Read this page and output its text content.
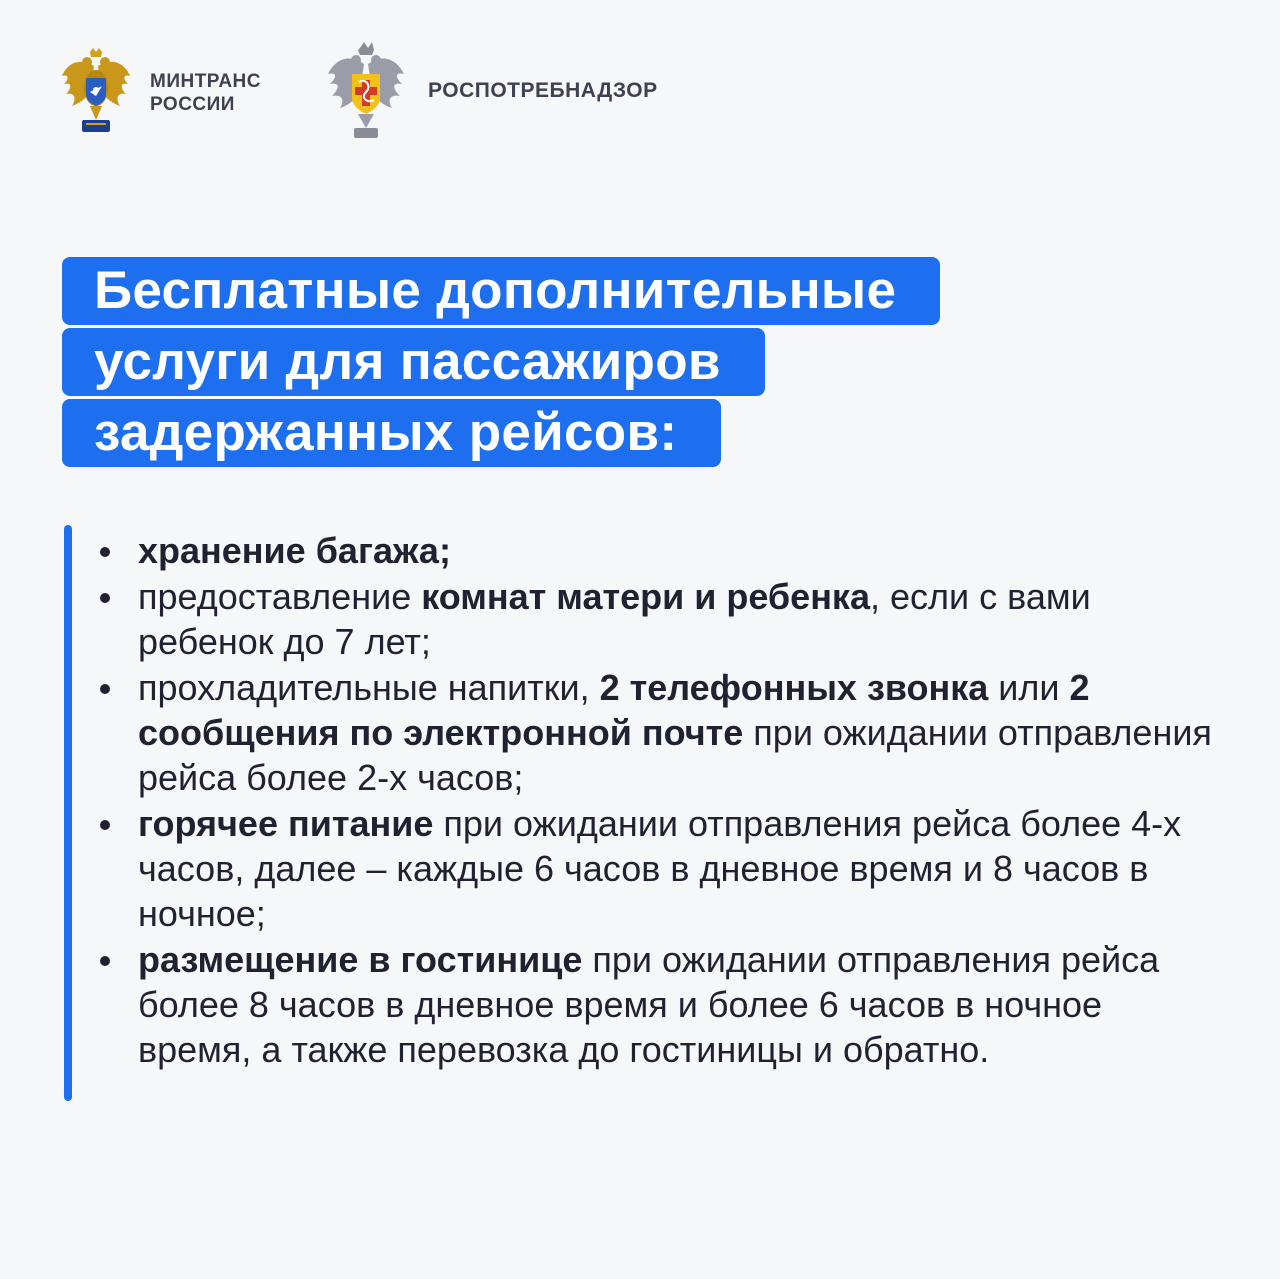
МИНТРАНС
РОССИИ
РОСПОТРЕБНАДЗОР
Бесплатные дополнительные
услуги для пассажиров
задержанных рейсов:
хранение багажа;
предоставление комнат матери и ребенка, если с вами ребенок до 7 лет;
прохладительные напитки, 2 телефонных звонка или 2 сообщения по электронной почте при ожидании отправления рейса более 2-х часов;
горячее питание при ожидании отправления рейса более 4-х часов, далее – каждые 6 часов в дневное время и 8 часов в ночное;
размещение в гостинице при ожидании отправления рейса более 8 часов в дневное время и более 6 часов в ночное время, а также перевозка до гостиницы и обратно.
